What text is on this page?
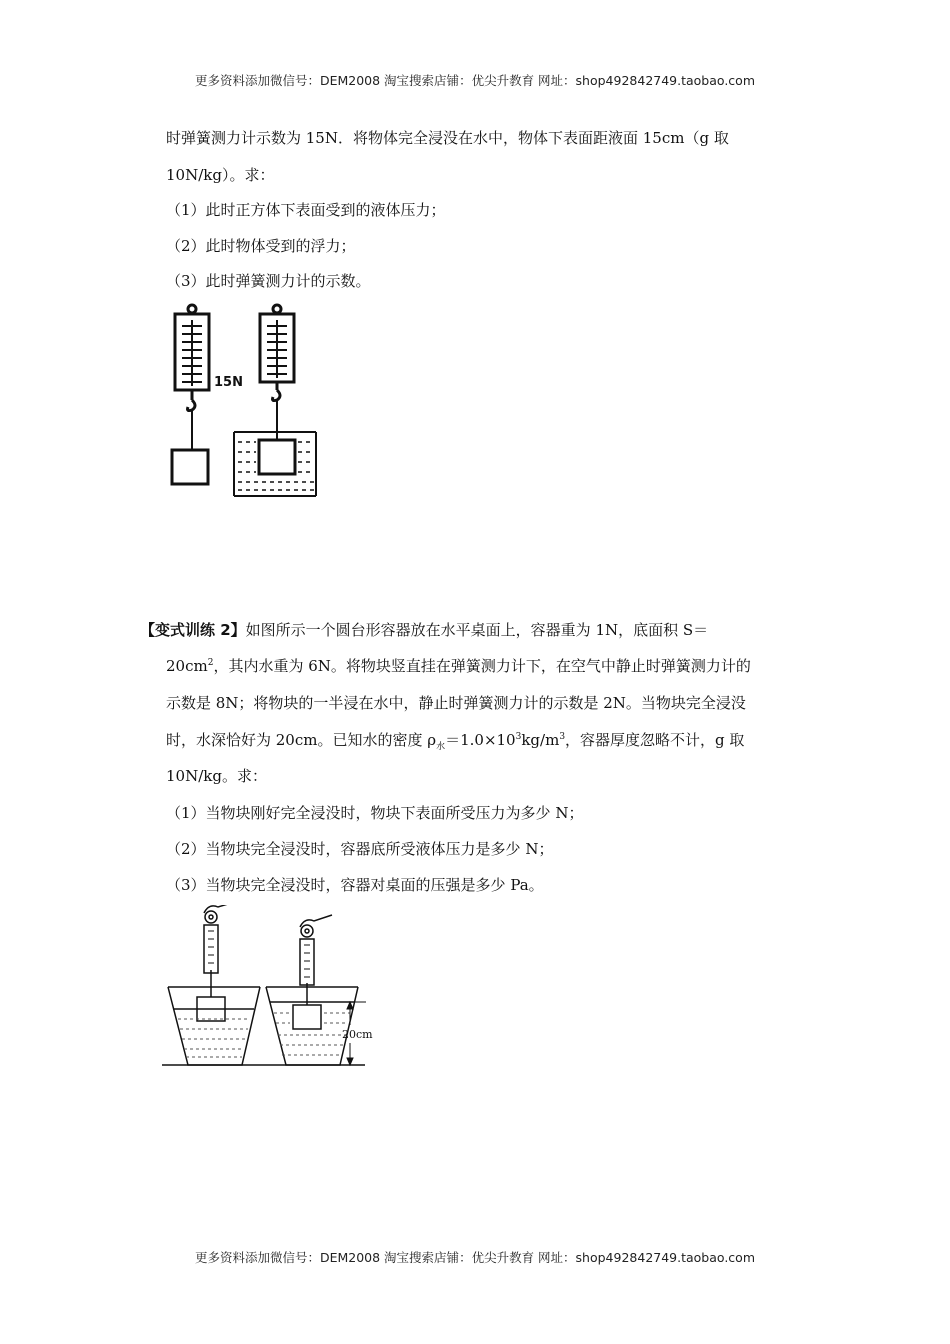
更多资料添加微信号：DEM2008 淘宝搜索店铺：优尖升教育 网址：shop492842749.taobao.com
时弹簧测力计示数为 15N．将物体完全浸没在水中，物体下表面距液面 15cm（g 取
10N/kg）。求：
（1）此时正方体下表面受到的液体压力；
（2）此时物体受到的浮力；
（3）此时弹簧测力计的示数。
15N
【变式训练 2】如图所示一个圆台形容器放在水平桌面上，容器重为 1N，底面积 S＝
$20cm^2$，其内水重为 6N。将物块竖直挂在弹簧测力计下，在空气中静止时弹簧测力计的
示数是 8N；将物块的一半浸在水中，静止时弹簧测力计的示数是 2N。当物块完全浸没
时，水深恰好为 20cm。已知水的密度 $\rho_水=1.0\times 10^3kg/m^3$，容器厚度忽略不计，g 取
10N/kg。求：
（1）当物块刚好完全浸没时，物块下表面所受压力为多少 N；
（2）当物块完全浸没时，容器底所受液体压力是多少 N；
（3）当物块完全浸没时，容器对桌面的压强是多少 Pa。
20cm
更多资料添加微信号：DEM2008 淘宝搜索店铺：优尖升教育 网址：shop492842749.taobao.com
